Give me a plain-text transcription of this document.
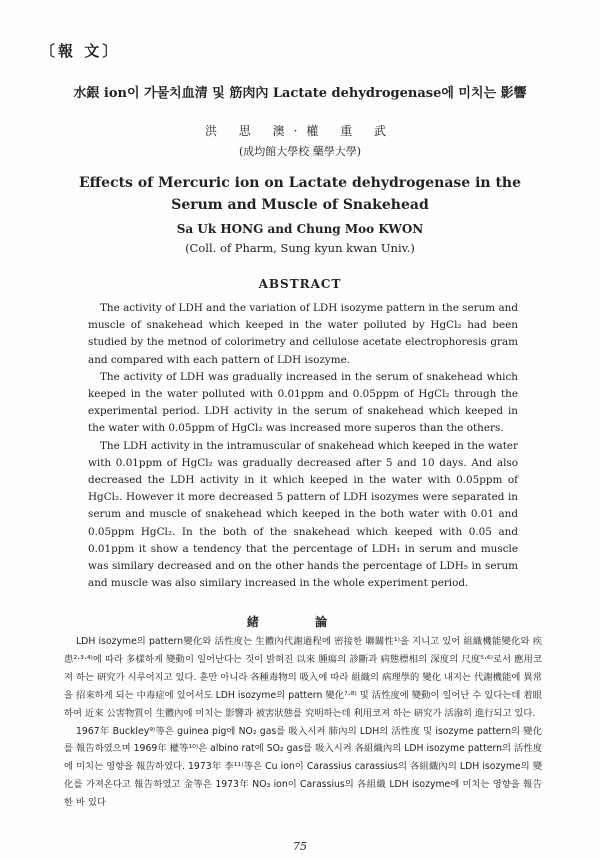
〔報 文〕
水銀 ion이 가물치血清 및 筋肉內 Lactate dehydrogenase에 미치는 影響
洪 思 澳·權 重 武
(成均館大學校 藥學大學)
Effects of Mercuric ion on Lactate dehydrogenase in the
Serum and Muscle of Snakehead
Sa Uk HONG and Chung Moo KWON
(Coll. of Pharm, Sung kyun kwan Univ.)
ABSTRACT

The activity of LDH and the variation of LDH isozyme pattern in the serum and muscle of snakehead which keeped in the water polluted by HgCl₂ had been studied by the metnod of colorimetry and cellulose acetate electrophoresis gram and compared with each pattern of LDH isozyme.

The activity of LDH was gradually increased in the serum of snakehead which keeped in the water polluted with 0.01ppm and 0.05ppm of HgCl₂ through the experimental period. LDH activity in the serum of snakehead which keeped in the water with 0.05ppm of HgCl₂ was increased more superos than the others.

The LDH activity in the intramuscular of snakehead which keeped in the water with 0.01ppm of HgCl₂ was gradually decreased after 5 and 10 days. And also decreased the LDH activity in it which keeped in the water with 0.05ppm of HgCl₂. However it more decreased 5 pattern of LDH isozymes were separated in serum and muscle of snakehead which keeped in the both water with 0.01 and 0.05ppm HgCl₂. In the both of the snakehead which keeped with 0.05 and 0.01ppm it show a tendency that the percentage of LDH₁ in serum and muscle was similary decreased and on the other hands the percentage of LDH₅ in serum and muscle was also similary increased in the whole experiment period.

緒 論

LDH isozyme의 pattern變化와 活性度는 生體內代謝過程에 密接한 聯關性¹⁾을 지니고 있어 組織機能變化와 疾患²·³·⁴⁾에 따라 多樣하게 變動이 일어난다는 것이 밝혀진 以來 腫瘍의 診斷과 病態標相의 深度의 尺度⁵·⁶⁾로서 應用코져 하는 研究가 시루어지고 있다. 훈만 아니라 各種毒物의 吸入에 따라 組織의 病理學的 變化 내지는 代謝機能에 異常을 招來하게 되는 中毒症에 있어서도 LDH isozyme의 pattern 變化⁷·⁸⁾ 및 活性度에 變動이 일어난 수 있다는데 着眼하여 近來 公害物質이 生體內에 미치는 影響과 被害狀態를 究明하는데 利用코져 하는 研究가 活潑히 進行되고 있다.

1967年 Buckley⁹⁾等은 guinea pig에 NO₂ gas를 吸入시켜 肺內의 LDH의 活性度 및 isozyme pattern의 變化를 報告하였으며 1969年 權等¹⁰⁾은 albino rat에 SO₂ gas를 吸入시켜 各組織內의 LDH isozyme pattern의 活性度에 미치는 영향을 報告하였다. 1973年 李¹¹⁾等은 Cu ion이 Carassius carassius의 各組織內의 LDH isozyme의 變化를 가져온다고 報告하였고 金等은 1973年 NO₃ ion이 Carassius의 各組織 LDH isozyme에 미치는 영향을 報告한 바 있다

75
